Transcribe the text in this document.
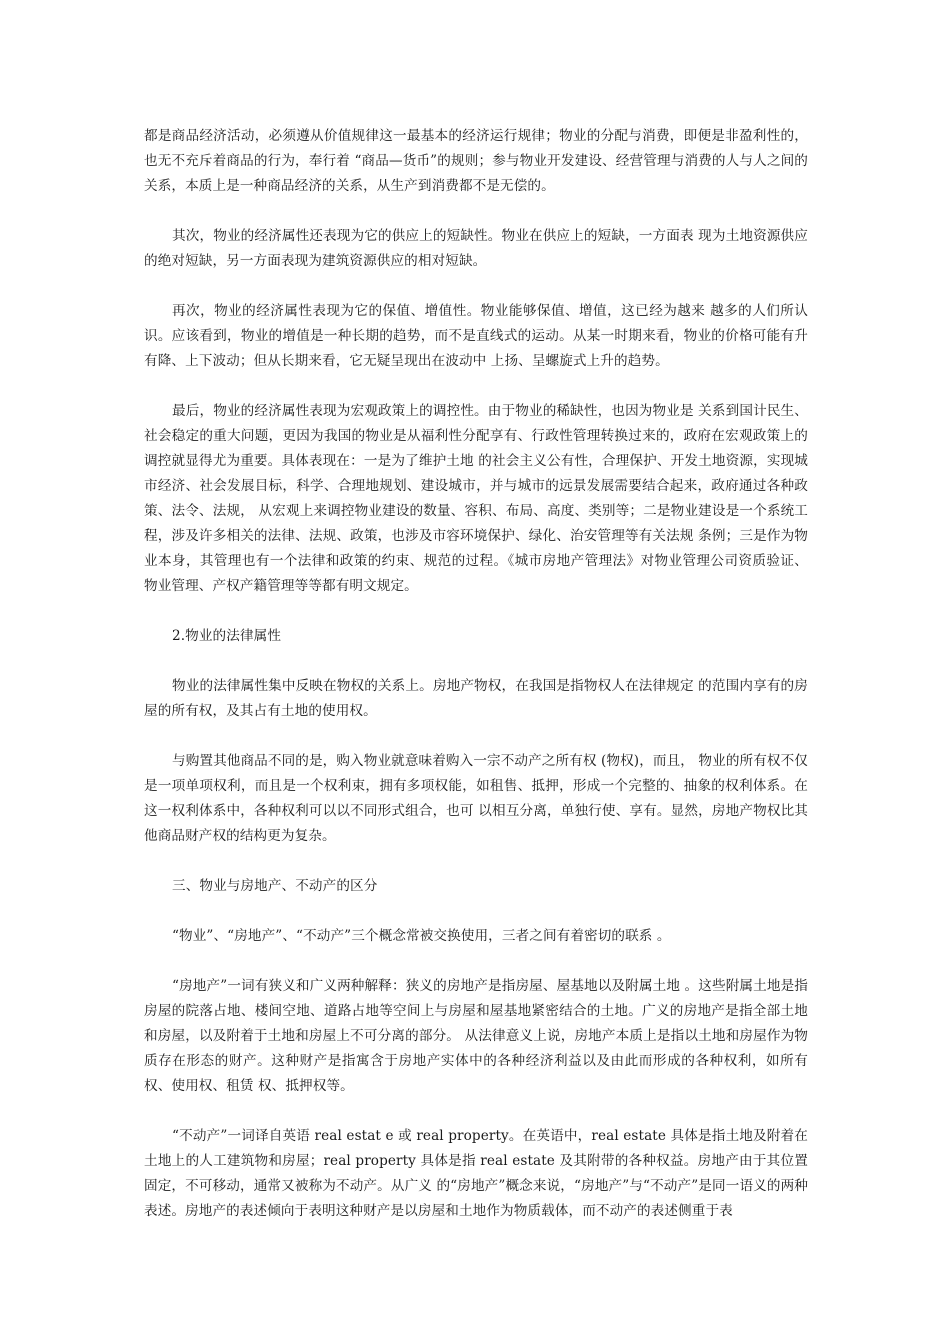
都是商品经济活动，必须遵从价值规律这一最基本的经济运行规律；物业的分配与消费，即便是非盈利性的，也无不充斥着商品的行为，奉行着 “商品—货币”的规则；参与物业开发建设、经营管理与消费的人与人之间的关系，本质上是一种商品经济的关系，从生产到消费都不是无偿的。

其次，物业的经济属性还表现为它的供应上的短缺性。物业在供应上的短缺，一方面表 现为土地资源供应的绝对短缺，另一方面表现为建筑资源供应的相对短缺。

再次，物业的经济属性表现为它的保值、增值性。物业能够保值、增值，这已经为越来 越多的人们所认识。应该看到，物业的增值是一种长期的趋势，而不是直线式的运动。从某一时期来看，物业的价格可能有升有降、上下波动；但从长期来看，它无疑呈现出在波动中 上扬、呈螺旋式上升的趋势。

最后，物业的经济属性表现为宏观政策上的调控性。由于物业的稀缺性，也因为物业是 关系到国计民生、社会稳定的重大问题，更因为我国的物业是从福利性分配享有、行政性管理转换过来的，政府在宏观政策上的调控就显得尤为重要。具体表现在：一是为了维护土地 的社会主义公有性，合理保护、开发土地资源，实现城市经济、社会发展目标，科学、合理地规划、建设城市，并与城市的远景发展需要结合起来，政府通过各种政策、法令、法规， 从宏观上来调控物业建设的数量、容积、布局、高度、类别等；二是物业建设是一个系统工程，涉及许多相关的法律、法规、政策，也涉及市容环境保护、绿化、治安管理等有关法规 条例；三是作为物业本身，其管理也有一个法律和政策的约束、规范的过程。《城市房地产管理法》对物业管理公司资质验证、物业管理、产权产籍管理等等都有明文规定。

2.物业的法律属性

物业的法律属性集中反映在物权的关系上。房地产物权，在我国是指物权人在法律规定 的范围内享有的房屋的所有权，及其占有土地的使用权。

与购置其他商品不同的是，购入物业就意味着购入一宗不动产之所有权 (物权)，而且， 物业的所有权不仅是一项单项权利，而且是一个权利束，拥有多项权能，如租售、抵押，形成一个完整的、抽象的权利体系。在这一权利体系中，各种权利可以以不同形式组合，也可 以相互分离，单独行使、享有。显然，房地产物权比其他商品财产权的结构更为复杂。

三、物业与房地产、不动产的区分

“物业”、“房地产”、“不动产”三个概念常被交换使用，三者之间有着密切的联系 。

“房地产”一词有狭义和广义两种解释：狭义的房地产是指房屋、屋基地以及附属土地 。这些附属土地是指房屋的院落占地、楼间空地、道路占地等空间上与房屋和屋基地紧密结合的土地。广义的房地产是指全部土地和房屋，以及附着于土地和房屋上不可分离的部分。 从法律意义上说，房地产本质上是指以土地和房屋作为物质存在形态的财产。这种财产是指寓含于房地产实体中的各种经济利益以及由此而形成的各种权利，如所有权、使用权、租赁 权、抵押权等。

“不动产”一词译自英语 real estat e 或 real property。在英语中，real estate 具体是指土地及附着在土地上的人工建筑物和房屋；real property 具体是指 real estate 及其附带的各种权益。房地产由于其位置固定，不可移动，通常又被称为不动产。从广义 的“房地产”概念来说，“房地产”与“不动产”是同一语义的两种表述。房地产的表述倾向于表明这种财产是以房屋和土地作为物质载体，而不动产的表述侧重于表
